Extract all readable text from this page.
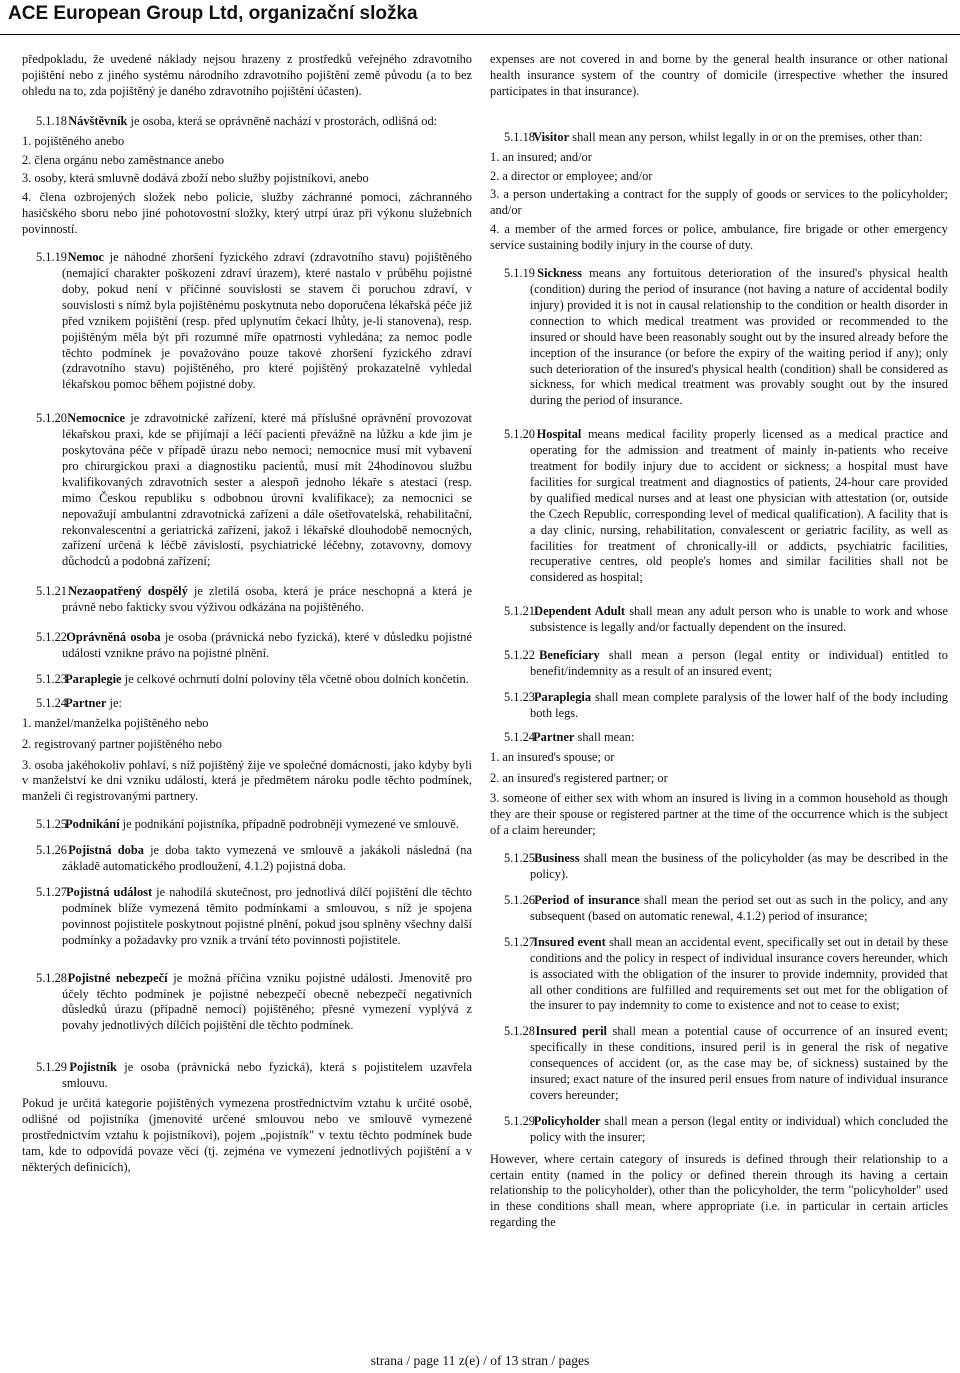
ACE European Group Ltd, organizační složka

předpokladu, že uvedené náklady nejsou hrazeny z prostředků veřejného zdravotního pojištění nebo z jiného systému národního zdravotního pojištění země původu (a to bez ohledu na to, zda pojištěný je daného zdravotního pojištění účasten).

5.1.18  Návštěvník je osoba, která se oprávněně nachází v prostorách, odlišná od:

1. pojištěného anebo

2. člena orgánu nebo zaměstnance anebo

3. osoby, která smluvně dodává zboží nebo služby pojistníkovi, anebo

4. člena ozbrojených složek nebo policie, služby záchranné pomoci, záchranného hasičského sboru nebo jiné pohotovostní složky, který utrpí úraz při výkonu služebních povinností.

5.1.19 Nemoc je náhodné zhoršení fyzického zdraví (zdravotního stavu) pojištěného (nemající charakter poškození zdraví úrazem), které nastalo v průběhu pojistné doby, pokud není v příčinné souvislosti se stavem či poruchou zdraví, v souvislosti s nímž byla pojištěnému poskytnuta nebo doporučena lékařská péče již před vznikem pojištění (resp. před uplynutím čekací lhůty, je-li stanovena), resp. pojištěným měla být při rozumné míře opatrnosti vyhledána; za nemoc podle těchto podmínek je považováno pouze takové zhoršení fyzického zdraví (zdravotního stavu) pojištěného, pro které pojištěný prokazatelně vyhledal lékařskou pomoc během pojistné doby.

5.1.20 Nemocnice je zdravotnické zařízení, které má příslušné oprávnění provozovat lékařskou praxi, kde se přijímají a léčí pacienti převážně na lůžku a kde jim je poskytována péče v případě úrazu nebo nemoci; nemocnice musí mít vybavení pro chirurgickou praxi a diagnostiku pacientů, musí mít 24hodinovou službu kvalifikovaných zdravotních sester a alespoň jednoho lékaře s atestací (resp. mimo Českou republiku s odbobnou úrovní kvalifikace); za nemocnici se nepovažují ambulantní zdravotnická zařízení a dále ošetřovatelská, rehabilitační, rekonvalescentní a geriatrická zařízení, jakož i lékařské dlouhodobě nemocných, zařízení určená k léčbě závislostí, psychiatrické léčebny, zotavovny, domovy důchodců a podobná zařízení;

5.1.21 Nezaopatřený dospělý je zletilá osoba, která je práce neschopná a která je právně nebo fakticky svou výživou odkázána na pojištěného.

5.1.22 Oprávněná osoba je osoba (právnická nebo fyzická), které v důsledku pojistné události vznikne právo na pojistné plnění.

5.1.23 Paraplegie je celkové ochrnutí dolní poloviny těla včetně obou dolních končetin.

5.1.24 Partner je:

1. manžel/manželka pojištěného nebo

2. registrovaný partner pojištěného nebo

3. osoba jakéhokoliv pohlaví, s níž pojištěný žije ve společné domácnosti, jako kdyby byli v manželství ke dni vzniku události, která je předmětem nároku podle těchto podmínek, manželi či registrovanými partnery.

5.1.25 Podnikání je podnikání pojistníka, případně podrobněji vymezené ve smlouvě.

5.1.26 Pojistná doba je doba takto vymezená ve smlouvě a jakákoli následná (na základě automatického prodloužení, 4.1.2) pojistná doba.

5.1.27 Pojistná událost je nahodilá skutečnost, pro jednotlivá dílčí pojištění dle těchto podmínek blíže vymezená těmito podmínkami a smlouvou, s níž je spojena povinnost pojistitele poskytnout pojistné plnění, pokud jsou splněny všechny další podmínky a požadavky pro vznik a trvání této povinnosti pojistitele.

5.1.28 Pojistné nebezpečí je možná příčina vzniku pojistné události. Jmenovitě pro účely těchto podmínek je pojistné nebezpečí obecně nebezpečí negativních důsledků úrazu (případně nemoci) pojištěného; přesné vymezení vyplývá z povahy jednotlivých dílčích pojištění dle těchto podmínek.

5.1.29 Pojistník je osoba (právnická nebo fyzická), která s pojistitelem uzavřela smlouvu.

Pokud je určitá kategorie pojištěných vymezena prostřednictvím vztahu k určité osobě, odlišné od pojistníka (jmenovité určené smlouvou nebo ve smlouvě vymezené prostřednictvím vztahu k pojistníkovi), pojem „pojistník" v textu těchto podmínek bude tam, kde to odpovídá povaze věci (tj. zejména ve vymezení jednotlivých pojištění a v některých definicích),

expenses are not covered in and borne by the general health insurance or other national health insurance system of the country of domicile (irrespective whether the insured participates in that insurance).

5.1.18 Visitor shall mean any person, whilst legally in or on the premises, other than:

1. an insured; and/or

2. a director or employee; and/or

3. a person undertaking a contract for the supply of goods or services to the policyholder; and/or

4. a member of the armed forces or police, ambulance, fire brigade or other emergency service sustaining bodily injury in the course of duty.

5.1.19 Sickness means any fortuitous deterioration of the insured's physical health (condition) during the period of insurance (not having a nature of accidental bodily injury) provided it is not in causal relationship to the condition or health disorder in connection to which medical treatment was provided or recommended to the insured or should have been reasonably sought out by the insured already before the inception of the insurance (or before the expiry of the waiting period if any); only such deterioration of the insured's physical health (condition) shall be considered as sickness, for which medical treatment was provably sought out by the insured during the period of insurance.

5.1.20 Hospital means medical facility properly licensed as a medical practice and operating for the admission and treatment of mainly in-patients who receive treatment for bodily injury due to accident or sickness; a hospital must have facilities for surgical treatment and diagnostics of patients, 24-hour care provided by qualified medical nurses and at least one physician with attestation (or, outside the Czech Republic, corresponding level of medical qualification). A facility that is a day clinic, nursing, rehabilitation, convalescent or geriatric facility, as well as facilities for treatment of chronically-ill or addicts, psychiatric facilities, recuperative centres, old people's homes and similar facilities shall not be considered as hospital;

5.1.21 Dependent Adult shall mean any adult person who is unable to work and whose subsistence is legally and/or factually dependent on the insured.

5.1.22 Beneficiary shall mean a person (legal entity or individual) entitled to benefit/indemnity as a result of an insured event;

5.1.23 Paraplegia shall mean complete paralysis of the lower half of the body including both legs.

5.1.24 Partner shall mean:

1. an insured's spouse; or

2. an insured's registered partner; or

3. someone of either sex with whom an insured is living in a common household as though they are their spouse or registered partner at the time of the occurrence which is the subject of a claim hereunder;

5.1.25 Business shall mean the business of the policyholder (as may be described in the policy).

5.1.26 Period of insurance shall mean the period set out as such in the policy, and any subsequent (based on automatic renewal, 4.1.2) period of insurance;

5.1.27 Insured event shall mean an accidental event, specifically set out in detail by these conditions and the policy in respect of individual insurance covers hereunder, which is associated with the obligation of the insurer to provide indemnity, provided that all other conditions are fulfilled and requirements set out met for the obligation of the insurer to pay indemnity to come to existence and not to cease to exist;

5.1.28 Insured peril shall mean a potential cause of occurrence of an insured event; specifically in these conditions, insured peril is in general the risk of negative consequences of accident (or, as the case may be, of sickness) sustained by the insured; exact nature of the insured peril ensues from nature of individual insurance covers hereunder;

5.1.29 Policyholder shall mean a person (legal entity or individual) which concluded the policy with the insurer;

However, where certain category of insureds is defined through their relationship to a certain entity (named in the policy or defined therein through its having a certain relationship to the policyholder), other than the policyholder, the term "policyholder" used in these conditions shall mean, where appropriate (i.e. in particular in certain articles regarding the

strana / page 11 z(e) / of 13 stran / pages
